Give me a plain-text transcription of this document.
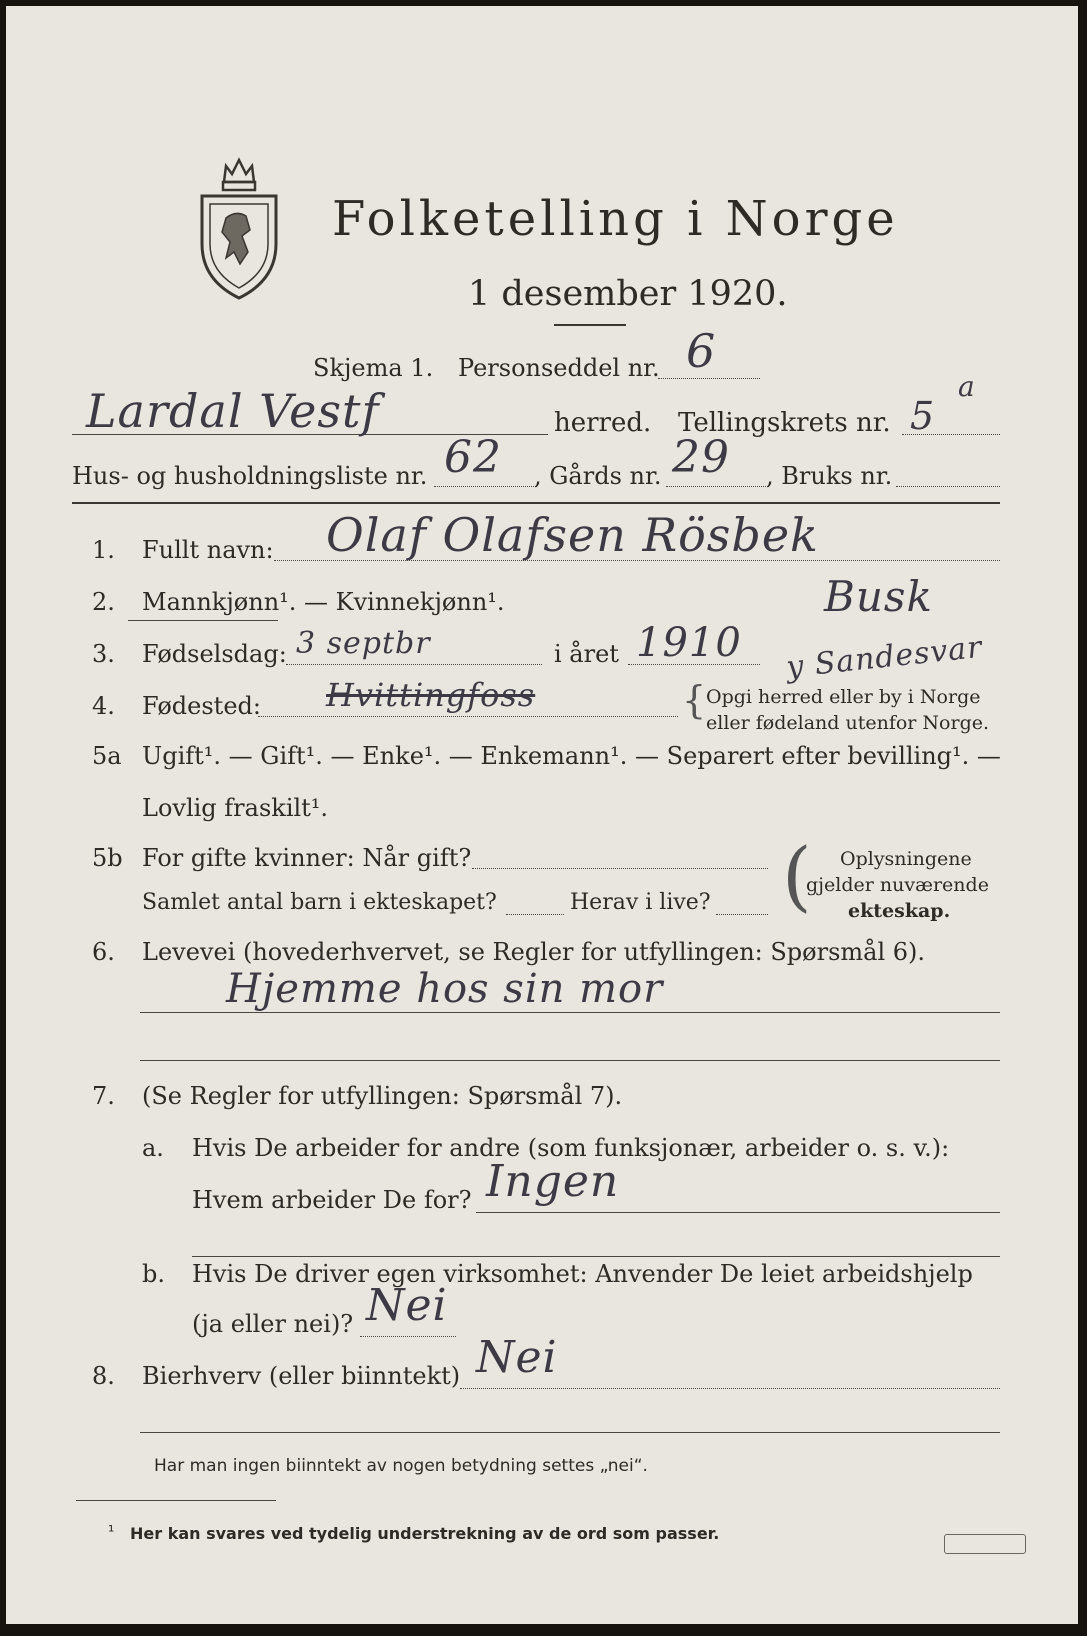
Folketelling i Norge
1 desember 1920.
Skjema 1. Personseddel nr. 6
Lardal Vestf	herred. Tellingskrets nr. 5
a
Hus- og husholdningsliste nr. 62 , Gårds nr. 29 , Bruks nr.
1. Fullt navn: Olaf Olafsen Rösbek
2. Mannkjønn¹. — Kvinnekjønn¹.	Busk
3. Fødselsdag: 3 septbr	i året 1910 y Sandesvar
4. Fødested: Hvittingfoss	{ Opgi herred eller by i Norge
eller fødeland utenfor Norge.
5a Ugift¹. — Gift¹. — Enke¹. — Enkemann¹. — Separert efter bevilling¹. —
Lovlig fraskilt¹.
5b For gifte kvinner: Når gift?
Samlet antal barn i ekteskapet?	Herav i live? ( Oplysningene
gjelder nuværende
ekteskap.
6. Levevei (hovederhvervet, se Regler for utfyllingen: Spørsmål 6).
Hjemme hos sin mor
7. (Se Regler for utfyllingen: Spørsmål 7).
a. Hvis De arbeider for andre (som funksjonær, arbeider o. s. v.):
Hvem arbeider De for? Ingen
b. Hvis De driver egen virksomhet: Anvender De leiet arbeidshjelp
(ja eller nei)? Nei
8. Bierhverv (eller biinntekt) Nei
Har man ingen biinntekt av nogen betydning settes „nei“.
¹ Her kan svares ved tydelig understrekning av de ord som passer.
